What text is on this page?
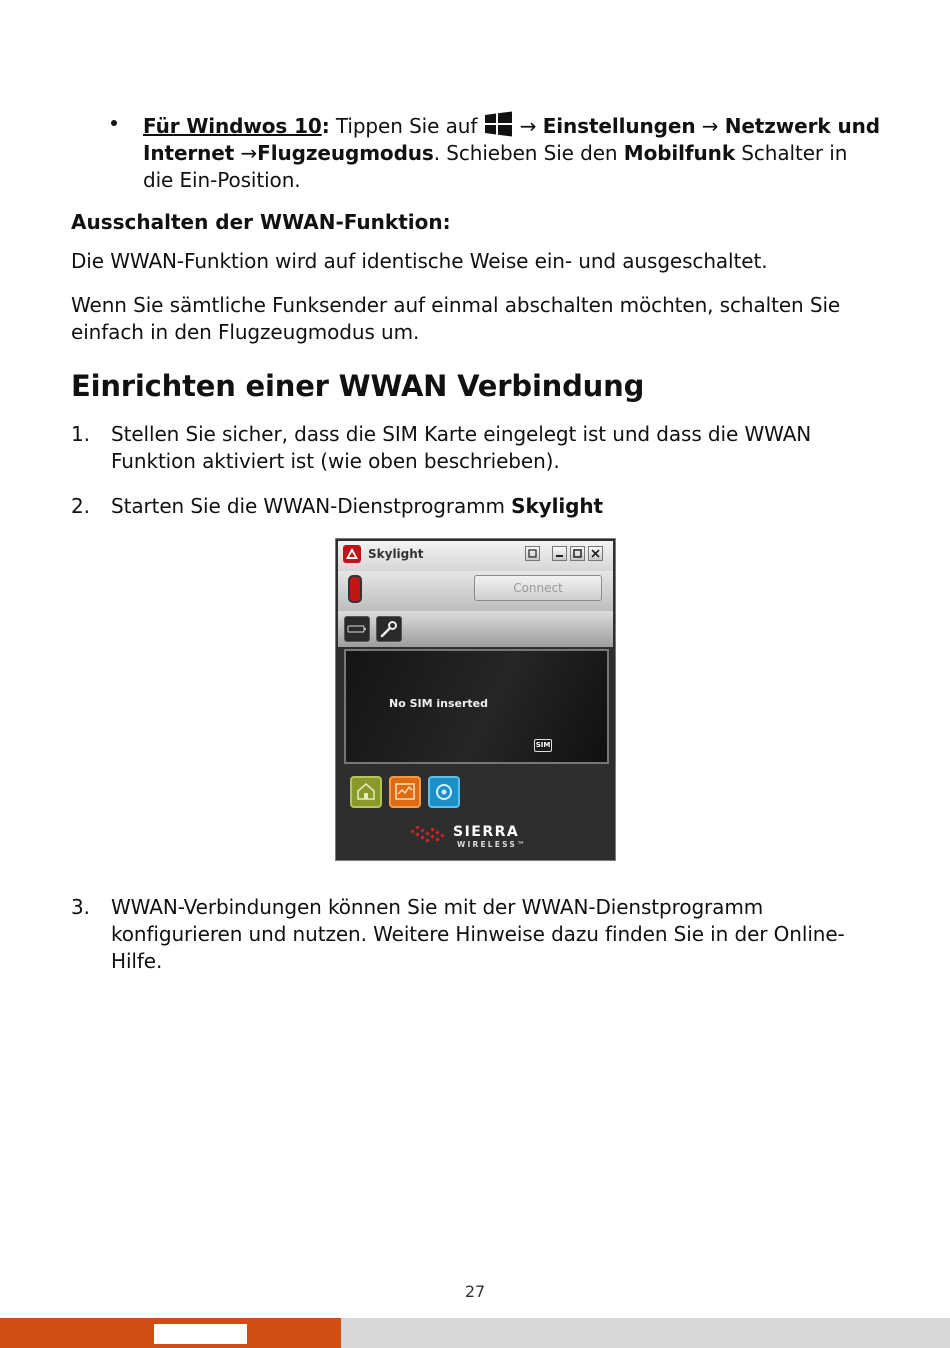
Für Windwos 10: Tippen Sie auf  → Einstellungen → Netzwerk und Internet →Flugzeugmodus. Schieben Sie den Mobilfunk Schalter in die Ein-Position.
Ausschalten der WWAN-Funktion:
Die WWAN-Funktion wird auf identische Weise ein- und ausgeschaltet.
Wenn Sie sämtliche Funksender auf einmal abschalten möchten, schalten Sie einfach in den Flugzeugmodus um.
Einrichten einer WWAN Verbindung
1. Stellen Sie sicher, dass die SIM Karte eingelegt ist und dass die WWAN Funktion aktiviert ist (wie oben beschrieben).
2. Starten Sie die WWAN-Dienstprogramm Skylight
Skylight
Connect
No SIM inserted
SIM
SIERRA
WIRELESS™
3. WWAN-Verbindungen können Sie mit der WWAN-Dienstprogramm konfigurieren und nutzen. Weitere Hinweise dazu finden Sie in der Online-Hilfe.
27
